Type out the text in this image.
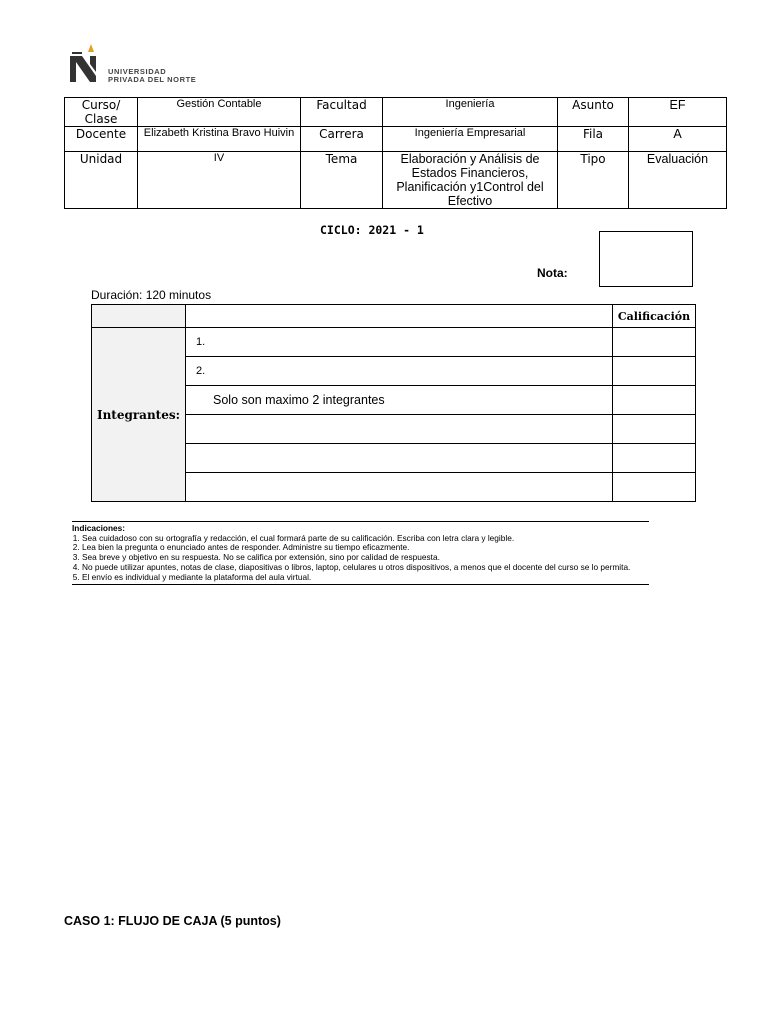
UNIVERSIDAD
PRIVADA DEL NORTE
Curso/ Clase	Gestión Contable	Facultad	Ingeniería	Asunto	EF
Docente	Elizabeth Kristina Bravo Huivin	Carrera	Ingeniería Empresarial	Fila	A
Unidad	IV	Tema	Elaboración y Análisis de Estados Financieros, Planificación y1Control del Efectivo	Tipo	Evaluación
CICLO: 2021 - 1
Nota:
Duración: 120 minutos
		Calificación
Integrantes:	1.	
	2.	
	Solo son maximo 2 integrantes	

Indicaciones:
1. Sea cuidadoso con su ortografía y redacción, el cual formará parte de su calificación. Escriba con letra clara y legible.
2. Lea bien la pregunta o enunciado antes de responder. Administre su tiempo eficazmente.
3. Sea breve y objetivo en su respuesta. No se califica por extensión, sino por calidad de respuesta.
4. No puede utilizar apuntes, notas de clase, diapositivas o libros, laptop, celulares u otros dispositivos, a menos que el docente del curso se lo permita.
5. El envío es individual y mediante la plataforma del aula virtual.
CASO 1: FLUJO DE CAJA (5 puntos)
